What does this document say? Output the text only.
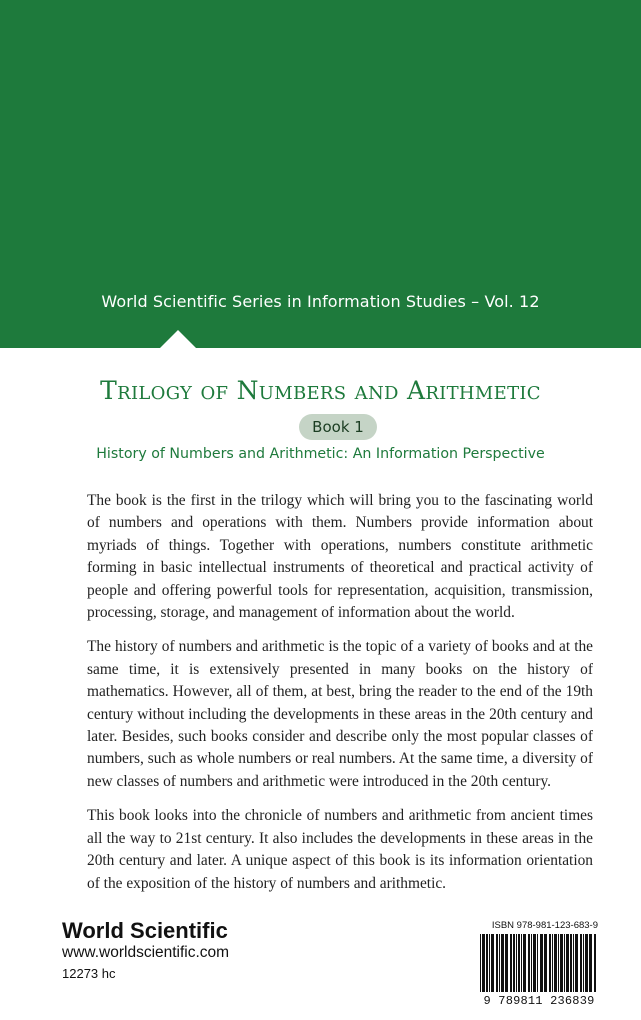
World Scientific Series in Information Studies – Vol. 12
Trilogy of Numbers and Arithmetic
Book 1
History of Numbers and Arithmetic: An Information Perspective

The book is the first in the trilogy which will bring you to the fascinating world of numbers and operations with them. Numbers provide information about myriads of things. Together with operations, numbers constitute arithmetic forming in basic intellectual instruments of theoretical and practical activity of people and offering powerful tools for representation, acquisition, transmission, processing, storage, and management of information about the world.

The history of numbers and arithmetic is the topic of a variety of books and at the same time, it is extensively presented in many books on the history of mathematics. However, all of them, at best, bring the reader to the end of the 19th century without including the developments in these areas in the 20th century and later. Besides, such books consider and describe only the most popular classes of numbers, such as whole numbers or real numbers. At the same time, a diversity of new classes of numbers and arithmetic were introduced in the 20th century.

This book looks into the chronicle of numbers and arithmetic from ancient times all the way to 21st century. It also includes the developments in these areas in the 20th century and later. A unique aspect of this book is its information orientation of the exposition of the history of numbers and arithmetic.

World Scientific
www.worldscientific.com
12273 hc
ISBN 978-981-123-683-9
9 789811 236839
